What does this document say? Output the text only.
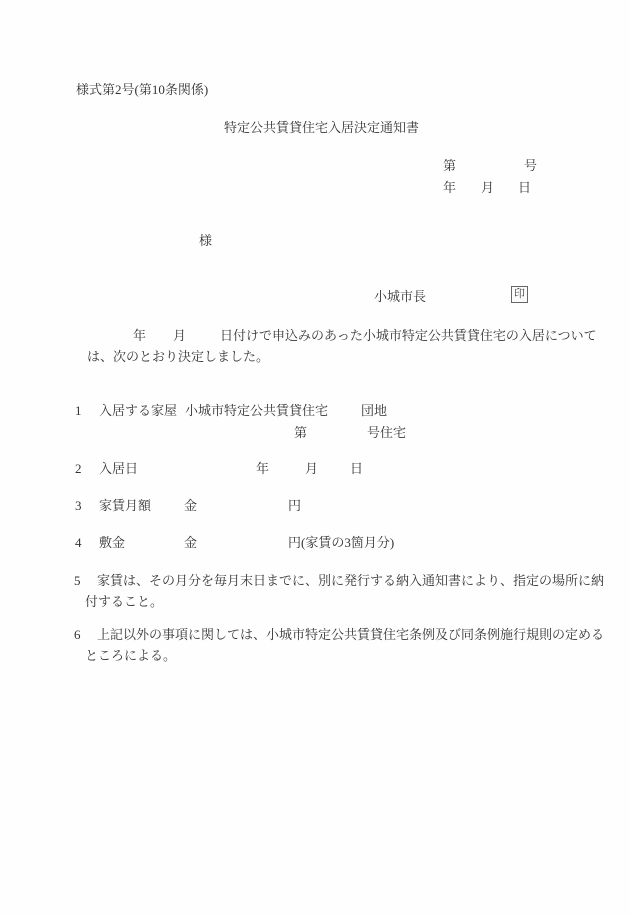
様式第2号(第10条関係)
特定公共賃貸住宅入居決定通知書
第	号
年 月 日
様
小城市長	印
年 月	日付けで申込みのあった小城市特定公共賃貸住宅の入居について
は、次のとおり決定しました。
1 入居する家屋 小城市特定公共賃貸住宅	団地
第	号住宅
2 入居日	年	月 日
3 家賃月額	金	円
4 敷金	金	円(家賃の3箇月分)
5 家賃は、その月分を毎月末日までに、別に発行する納入通知書により、指定の場所に納
付すること。
6 上記以外の事項に関しては、小城市特定公共賃貸住宅条例及び同条例施行規則の定める
ところによる。
